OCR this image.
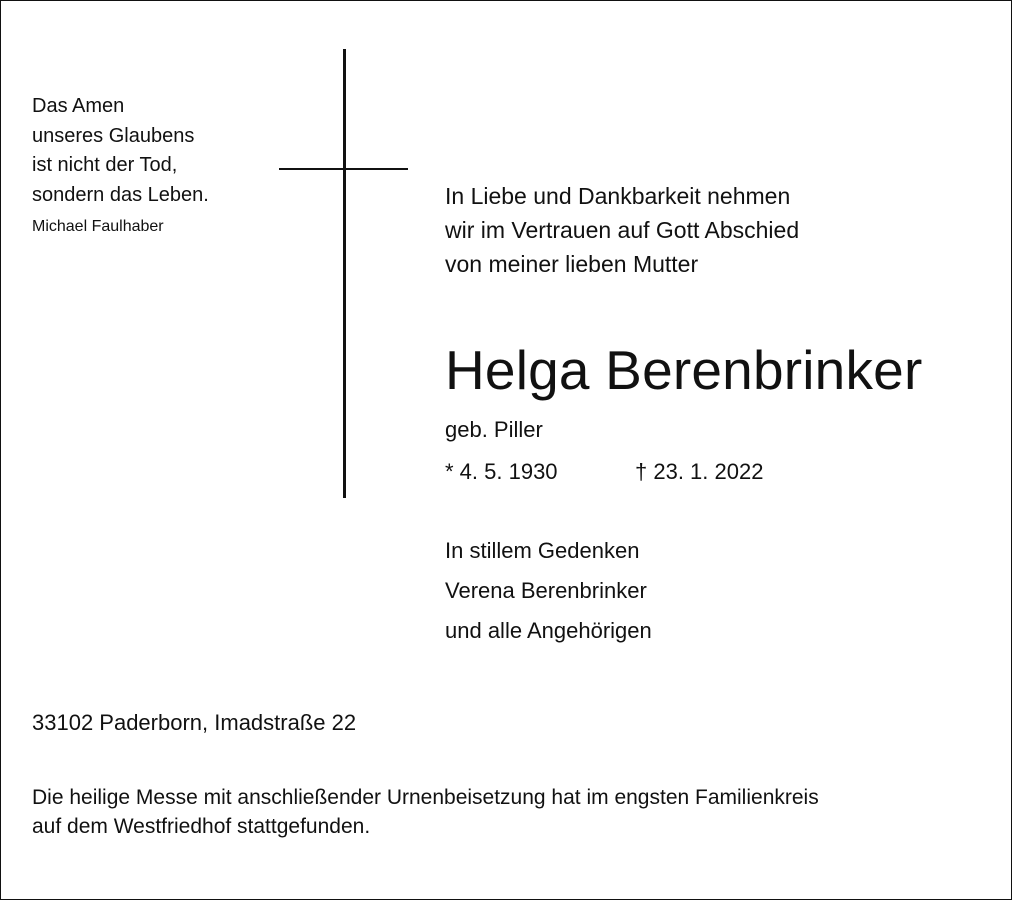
Das Amen
unseres Glaubens
ist nicht der Tod,
sondern das Leben.
Michael Faulhaber
In Liebe und Dankbarkeit nehmen
wir im Vertrauen auf Gott Abschied
von meiner lieben Mutter
Helga Berenbrinker
geb. Piller
* 4. 5. 1930	† 23. 1. 2022
In stillem Gedenken
Verena Berenbrinker
und alle Angehörigen
33102 Paderborn, Imadstraße 22
Die heilige Messe mit anschließender Urnenbeisetzung hat im engsten Familienkreis
auf dem Westfriedhof stattgefunden.
